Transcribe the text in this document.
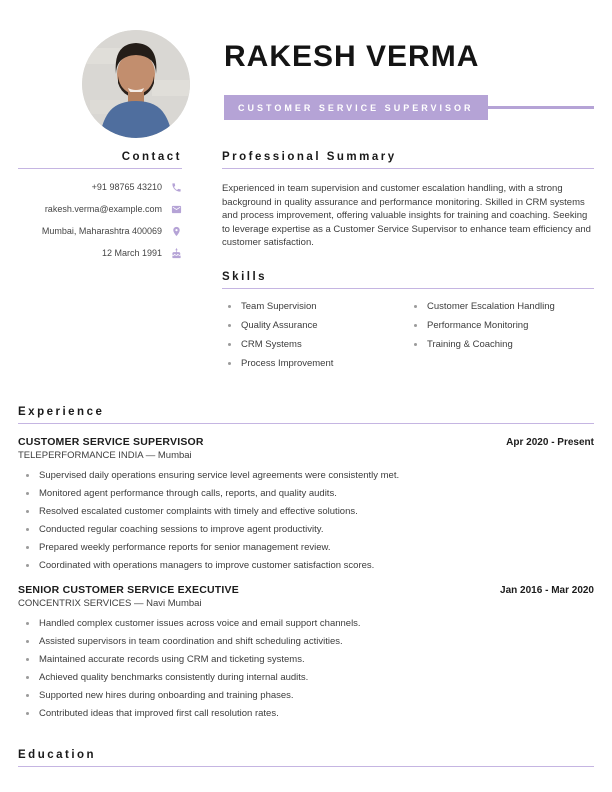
RAKESH VERMA
CUSTOMER SERVICE SUPERVISOR
Contact
+91 98765 43210
rakesh.verma@example.com
Mumbai, Maharashtra 400069
12 March 1991
Professional Summary

Experienced in team supervision and customer escalation handling, with a strong background in quality assurance and performance monitoring. Skilled in CRM systems and process improvement, offering valuable insights for training and coaching. Seeking to leverage expertise as a Customer Service Supervisor to enhance team efficiency and customer satisfaction.

Skills
Team Supervision
Quality Assurance
CRM Systems
Process Improvement
Customer Escalation Handling
Performance Monitoring
Training & Coaching
Experience
CUSTOMER SERVICE SUPERVISOR	Apr 2020 - Present
TELEPERFORMANCE INDIA — Mumbai
Supervised daily operations ensuring service level agreements were consistently met.
Monitored agent performance through calls, reports, and quality audits.
Resolved escalated customer complaints with timely and effective solutions.
Conducted regular coaching sessions to improve agent productivity.
Prepared weekly performance reports for senior management review.
Coordinated with operations managers to improve customer satisfaction scores.
SENIOR CUSTOMER SERVICE EXECUTIVE	Jan 2016 - Mar 2020
CONCENTRIX SERVICES — Navi Mumbai
Handled complex customer issues across voice and email support channels.
Assisted supervisors in team coordination and shift scheduling activities.
Maintained accurate records using CRM and ticketing systems.
Achieved quality benchmarks consistently during internal audits.
Supported new hires during onboarding and training phases.
Contributed ideas that improved first call resolution rates.
Education
